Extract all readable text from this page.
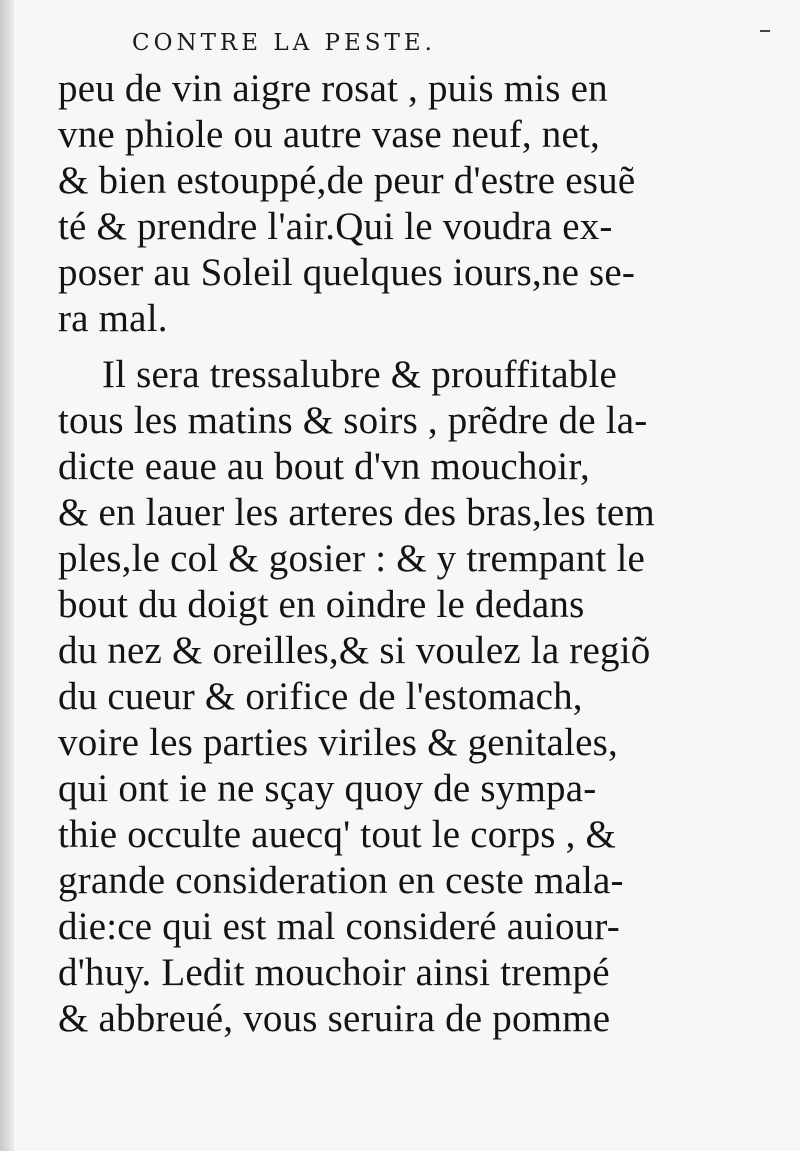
CONTRE LA PESTE.
peu de vin aigre rosat , puis mis en
vne phiole ou autre vase neuf, net,
& bien estouppé,de peur d'estre esuẽ
té & prendre l'air.Qui le voudra ex-
poser au Soleil quelques iours,ne se-
ra mal.
Il sera tressalubre & prouffitable
tous les matins & soirs , prẽdre de la-
dicte eaue au bout d'vn mouchoir,
& en lauer les arteres des bras,les tem
ples,le col & gosier : & y trempant le
bout du doigt en oindre le dedans
du nez & oreilles,& si voulez la regiõ
du cueur & orifice de l'estomach,
voire les parties viriles & genitales,
qui ont ie ne sçay quoy de sympa-
thie occulte auecq' tout le corps , &
grande consideration en ceste mala-
die:ce qui est mal consideré auiour-
d'huy. Ledit mouchoir ainsi trempé
& abbreué, vous seruira de pomme
